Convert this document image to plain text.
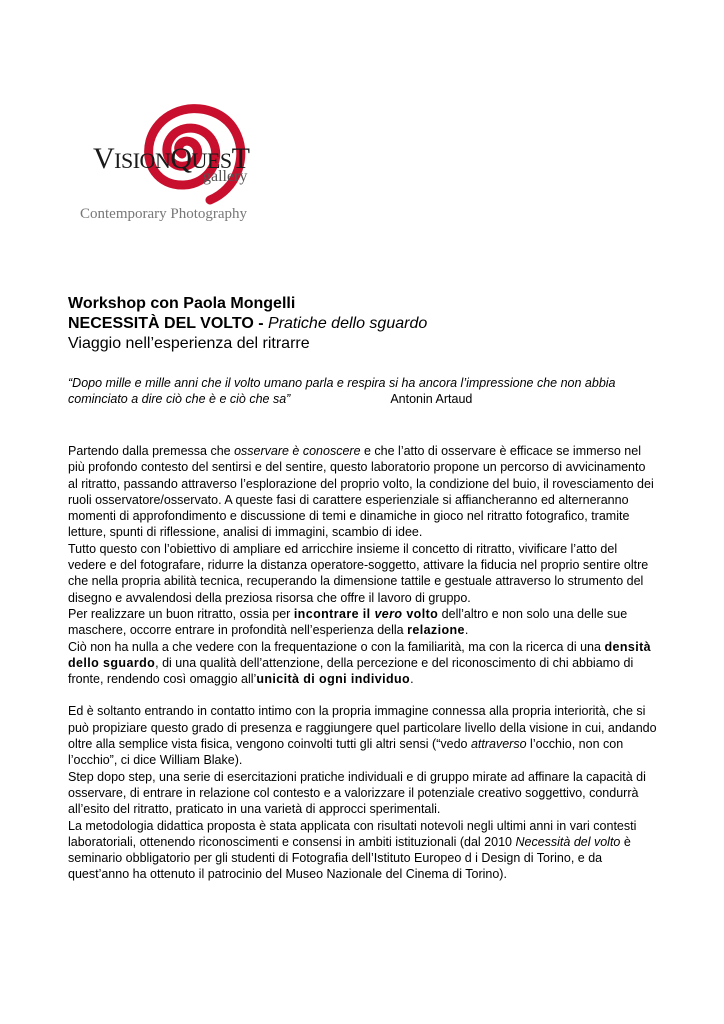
VISIONQUEST
gallery
Contemporary Photography

Workshop con Paola Mongelli

NECESSITÀ DEL VOLTO - Pratiche dello sguardo

Viaggio nell’esperienza del ritrarre

“Dopo mille e mille anni che il volto umano parla e respira si ha ancora l’impressione che non abbia cominciato a dire ciò che è e ciò che sa”	Antonin Artaud

Partendo dalla premessa che osservare è conoscere e che l’atto di osservare è efficace se immerso nel più profondo contesto del sentirsi e del sentire, questo laboratorio propone un percorso di avvicinamento al ritratto, passando attraverso l’esplorazione del proprio volto, la condizione del buio, il rovesciamento dei ruoli osservatore/osservato. A queste fasi di carattere esperienziale si affiancheranno ed alterneranno momenti di approfondimento e discussione di temi e dinamiche in gioco nel ritratto fotografico, tramite letture, spunti di riflessione, analisi di immagini, scambio di idee.

Tutto questo con l’obiettivo di ampliare ed arricchire insieme il concetto di ritratto, vivificare l’atto del vedere e del fotografare, ridurre la distanza operatore-soggetto, attivare la fiducia nel proprio sentire oltre che nella propria abilità tecnica, recuperando la dimensione tattile e gestuale attraverso lo strumento del disegno e avvalendosi della preziosa risorsa che offre il lavoro di gruppo.

Per realizzare un buon ritratto, ossia per incontrare il vero volto dell’altro e non solo una delle sue maschere, occorre entrare in profondità nell’esperienza della relazione.

Ciò non ha nulla a che vedere con la frequentazione o con la familiarità, ma con la ricerca di una densità dello sguardo, di una qualità dell’attenzione, della percezione e del riconoscimento di chi abbiamo di fronte, rendendo così omaggio all’unicità di ogni individuo.

Ed è soltanto entrando in contatto intimo con la propria immagine connessa alla propria interiorità, che si può propiziare questo grado di presenza e raggiungere quel particolare livello della visione in cui, andando oltre alla semplice vista fisica, vengono coinvolti tutti gli altri sensi (“vedo attraverso l’occhio, non con l’occhio”, ci dice William Blake).

Step dopo step, una serie di esercitazioni pratiche individuali e di gruppo mirate ad affinare la capacità di osservare, di entrare in relazione col contesto e a valorizzare il potenziale creativo soggettivo, condurrà all’esito del ritratto, praticato in una varietà di approcci sperimentali.

La metodologia didattica proposta è stata applicata con risultati notevoli negli ultimi anni in vari contesti laboratoriali, ottenendo riconoscimenti e consensi in ambiti istituzionali (dal 2010 Necessità del volto è seminario obbligatorio per gli studenti di Fotografia dell’Istituto Europeo d i Design di Torino, e da quest’anno ha ottenuto il patrocinio del Museo Nazionale del Cinema di Torino).
